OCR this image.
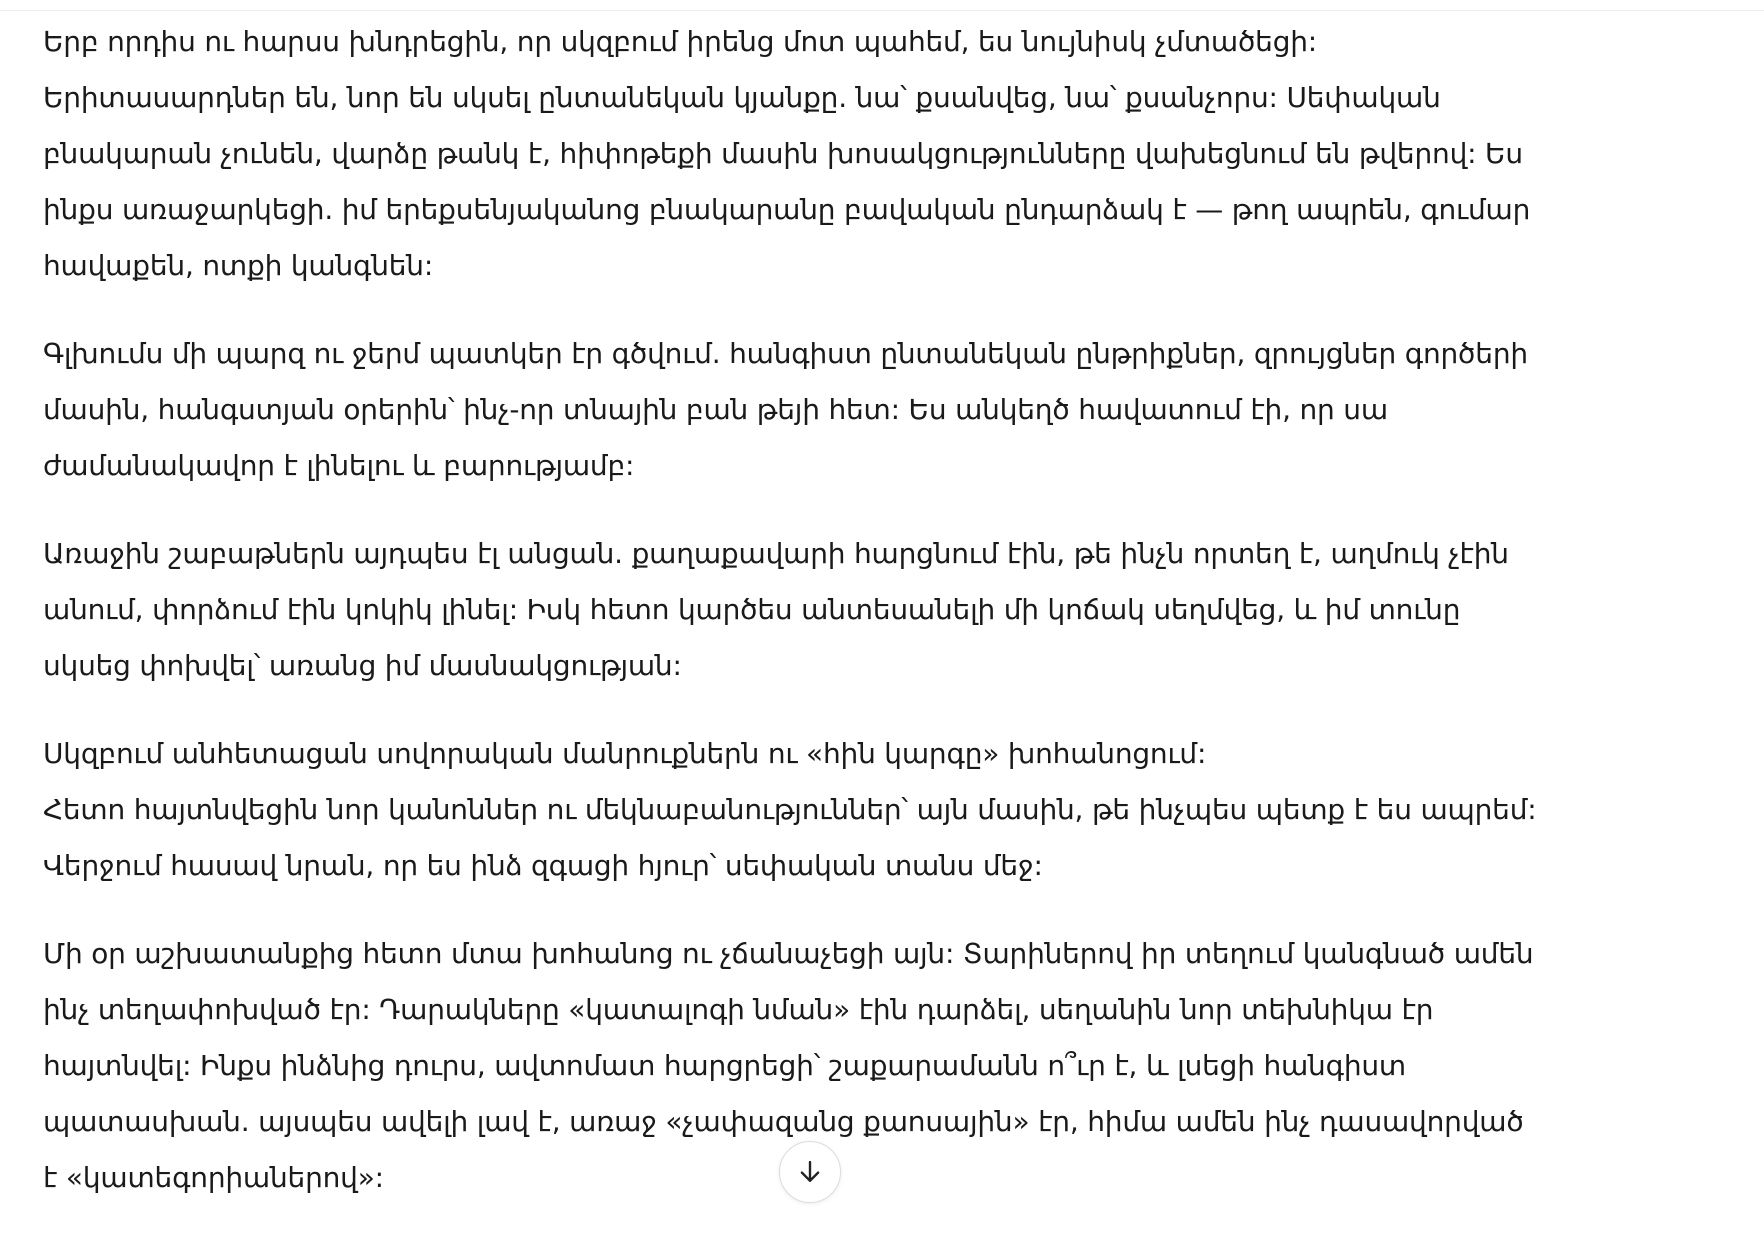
Երբ որդիս ու հարսս խնդրեցին, որ սկզբում իրենց մոտ պահեմ, ես նույնիսկ չմտածեցի:
Երիտասարդներ են, նոր են սկսել ընտանեկան կյանքը. նա՝ քսանվեց, նա՝ քսանչորս: Սեփական
բնակարան չունեն, վարձը թանկ է, հիփոթեքի մասին խոսակցությունները վախեցնում են թվերով: Ես
ինքս առաջարկեցի. իմ երեքսենյականոց բնակարանը բավական ընդարձակ է — թող ապրեն, գումար
հավաքեն, ոտքի կանգնեն:
Գլխումս մի պարզ ու ջերմ պատկեր էր գծվում. հանգիստ ընտանեկան ընթրիքներ, զրույցներ գործերի
մասին, հանգստյան օրերին՝ ինչ-որ տնային բան թեյի հետ: Ես անկեղծ հավատում էի, որ սա
ժամանակավոր է լինելու և բարությամբ:
Առաջին շաբաթներն այդպես էլ անցան. քաղաքավարի հարցնում էին, թե ինչն որտեղ է, աղմուկ չէին
անում, փորձում էին կոկիկ լինել: Իսկ հետո կարծես անտեսանելի մի կոճակ սեղմվեց, և իմ տունը
սկսեց փոխվել՝ առանց իմ մասնակցության:
Սկզբում անհետացան սովորական մանրուքներն ու «հին կարգը» խոհանոցում:
Հետո հայտնվեցին նոր կանոններ ու մեկնաբանություններ՝ այն մասին, թե ինչպես պետք է ես ապրեմ:
Վերջում հասավ նրան, որ ես ինձ զգացի հյուր՝ սեփական տանս մեջ:
Մի օր աշխատանքից հետո մտա խոհանոց ու չճանաչեցի այն: Տարիներով իր տեղում կանգնած ամեն
ինչ տեղափոխված էր: Դարակները «կատալոգի նման» էին դարձել, սեղանին նոր տեխնիկա էր
հայտնվել: Ինքս ինձնից դուրս, ավտոմատ հարցրեցի՝ շաքարամանն ո՞ւր է, և լսեցի հանգիստ
պատասխան. այսպես ավելի լավ է, առաջ «չափազանց քաոսային» էր, հիմա ամեն ինչ դասավորված
է «կատեգորիաներով»:
